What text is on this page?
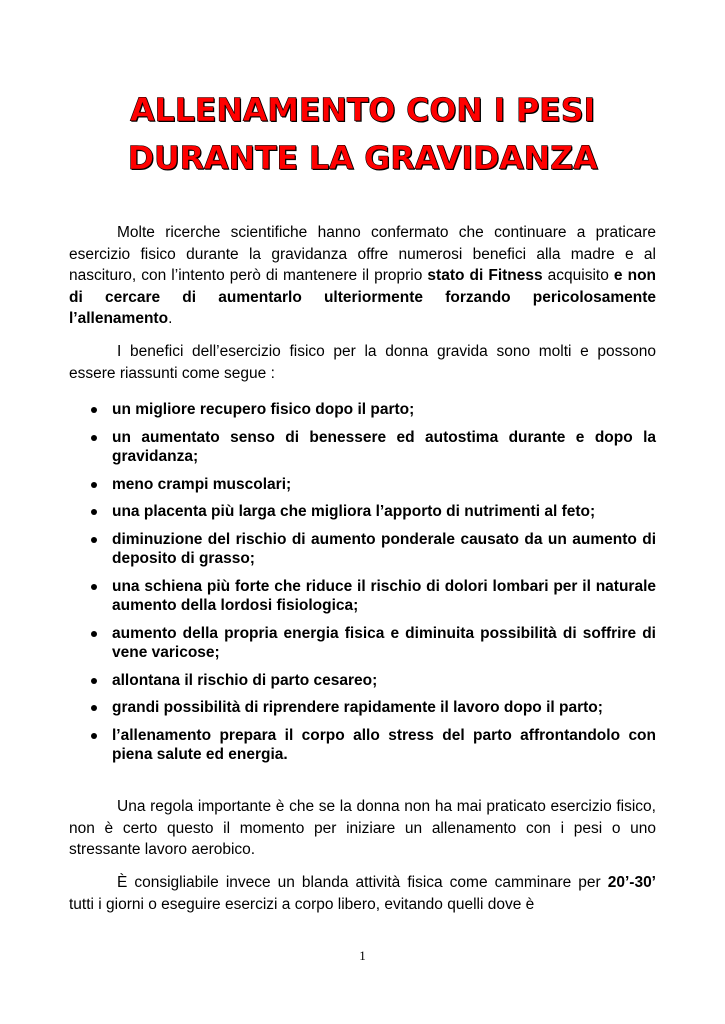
ALLENAMENTO CON I PESI
DURANTE LA GRAVIDANZA
Molte ricerche scientifiche hanno confermato che continuare a praticare esercizio fisico durante la gravidanza offre numerosi benefici alla madre e al nascituro, con l’intento però di mantenere il proprio stato di Fitness acquisito e non di cercare di aumentarlo ulteriormente forzando pericolosamente l’allenamento.
I benefici dell’esercizio fisico per la donna gravida sono molti e possono essere riassunti come segue :
un migliore recupero fisico dopo il parto;
un aumentato senso di benessere ed autostima durante e dopo la gravidanza;
meno crampi muscolari;
una placenta più larga che migliora l’apporto di nutrimenti al feto;
diminuzione del rischio di aumento ponderale causato da un aumento di deposito di grasso;
una schiena più forte che riduce il rischio di dolori lombari per il naturale aumento della lordosi fisiologica;
aumento della propria energia fisica e diminuita possibilità di soffrire di vene varicose;
allontana il rischio di parto cesareo;
grandi possibilità di riprendere rapidamente il lavoro dopo il parto;
l’allenamento prepara il corpo allo stress del parto affrontandolo con piena salute ed energia.
Una regola importante è che se la donna non ha mai praticato esercizio fisico, non è certo questo il momento per iniziare un allenamento con i pesi o uno stressante lavoro aerobico.
È consigliabile invece un blanda attività fisica come camminare per 20’-30’ tutti i giorni o eseguire esercizi a corpo libero, evitando quelli dove è
1
